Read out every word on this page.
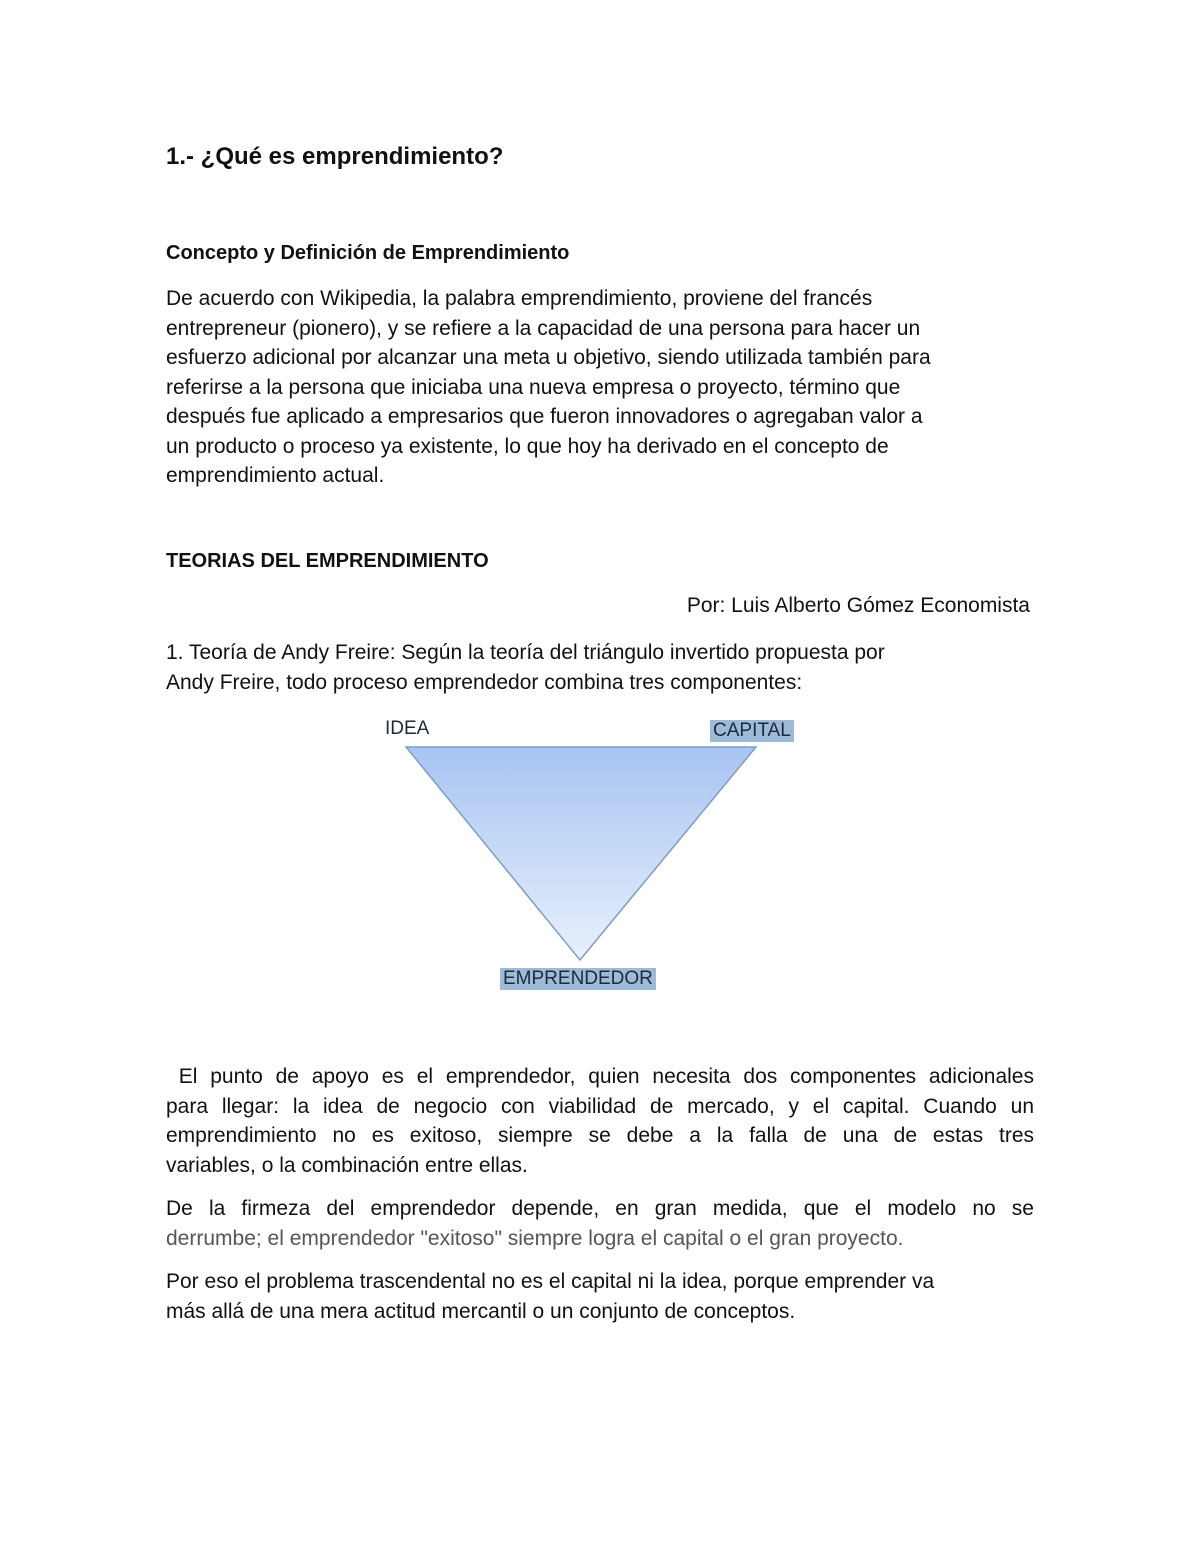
1.- ¿Qué es emprendimiento?
Concepto y Definición de Emprendimiento
De acuerdo con Wikipedia, la palabra emprendimiento, proviene del francés
entrepreneur (pionero), y se refiere a la capacidad de una persona para hacer un
esfuerzo adicional por alcanzar una meta u objetivo, siendo utilizada también para
referirse a la persona que iniciaba una nueva empresa o proyecto, término que
después fue aplicado a empresarios que fueron innovadores o agregaban valor a
un producto o proceso ya existente, lo que hoy ha derivado en el concepto de
emprendimiento actual.
TEORIAS DEL EMPRENDIMIENTO
Por: Luis Alberto Gómez Economista
1. Teoría de Andy Freire: Según la teoría del triángulo invertido propuesta por
Andy Freire, todo proceso emprendedor combina tres componentes:
IDEA	CAPITAL
EMPRENDEDOR
El punto de apoyo es el emprendedor, quien necesita dos componentes adicionales
para llegar: la idea de negocio con viabilidad de mercado, y el capital. Cuando un
emprendimiento no es exitoso, siempre se debe a la falla de una de estas tres
variables, o la combinación entre ellas.
De la firmeza del emprendedor depende, en gran medida, que el modelo no se
derrumbe; el emprendedor "exitoso" siempre logra el capital o el gran proyecto.
Por eso el problema trascendental no es el capital ni la idea, porque emprender va
más allá de una mera actitud mercantil o un conjunto de conceptos.
